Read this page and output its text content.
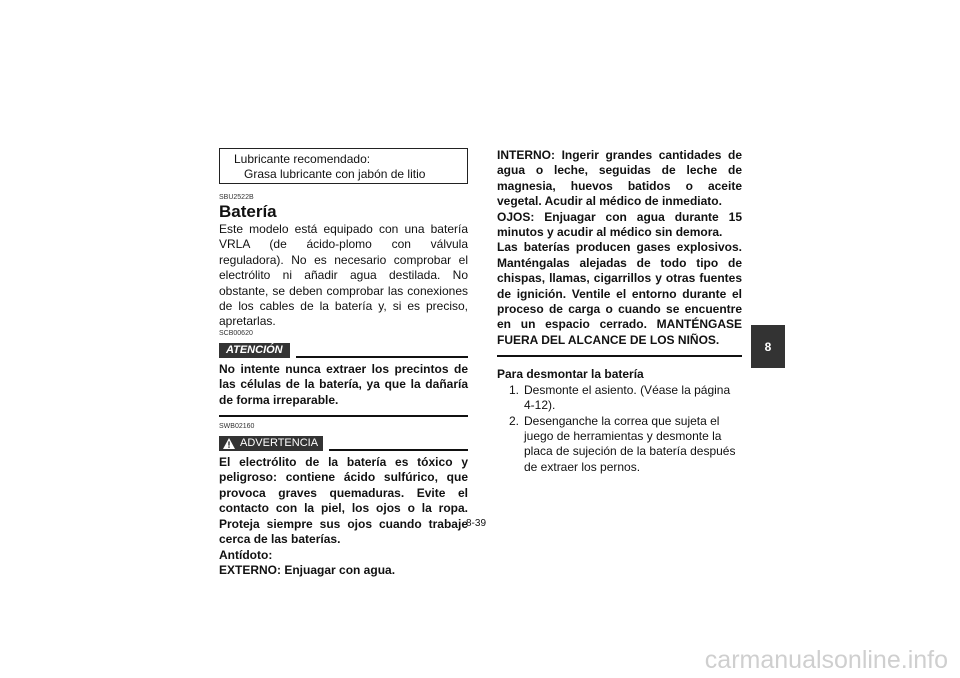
Lubricante recomendado:
Grasa lubricante con jabón de litio
SBU2522B
Batería
Este modelo está equipado con una batería VRLA (de ácido-plomo con válvula reguladora). No es necesario comprobar el electrólito ni añadir agua destilada. No obstante, se deben comprobar las conexiones de los cables de la batería y, si es preciso, apretarlas.
SCB00620
ATENCIÓN
No intente nunca extraer los precintos de las células de la batería, ya que la dañaría de forma irreparable.
SWB02160
ADVERTENCIA
El electrólito de la batería es tóxico y peligroso: contiene ácido sulfúrico, que provoca graves quemaduras. Evite el contacto con la piel, los ojos o la ropa. Proteja siempre sus ojos cuando trabaje cerca de las baterías.
Antídoto:
EXTERNO: Enjuagar con agua.
INTERNO: Ingerir grandes cantidades de agua o leche, seguidas de leche de magnesia, huevos batidos o aceite vegetal. Acudir al médico de inmediato.
OJOS: Enjuagar con agua durante 15 minutos y acudir al médico sin demora.
Las baterías producen gases explosivos. Manténgalas alejadas de todo tipo de chispas, llamas, cigarrillos y otras fuentes de ignición. Ventile el entorno durante el proceso de carga o cuando se encuentre en un espacio cerrado. MANTÉNGASE FUERA DEL ALCANCE DE LOS NIÑOS.
Para desmontar la batería
1. Desmonte el asiento. (Véase la página 4-12).
2. Desenganche la correa que sujeta el juego de herramientas y desmonte la placa de sujeción de la batería después de extraer los pernos.
8
8-39
carmanualsonline.info
